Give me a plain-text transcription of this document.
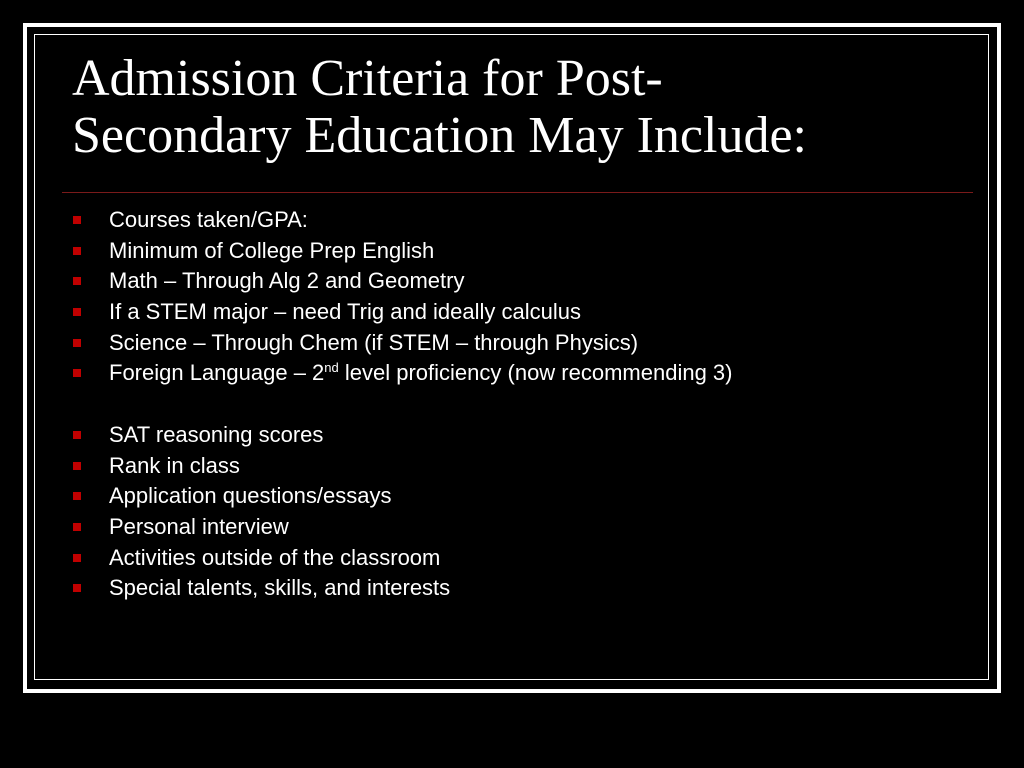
Admission Criteria for Post-
Secondary Education May Include:
Courses taken/GPA:
Minimum of College Prep English
Math – Through Alg 2 and Geometry
If a STEM major – need Trig and ideally calculus
Science – Through Chem (if STEM – through Physics)
Foreign Language – 2nd level proficiency (now recommending 3)
SAT reasoning scores
Rank in class
Application questions/essays
Personal interview
Activities outside of the classroom
Special talents, skills, and interests
